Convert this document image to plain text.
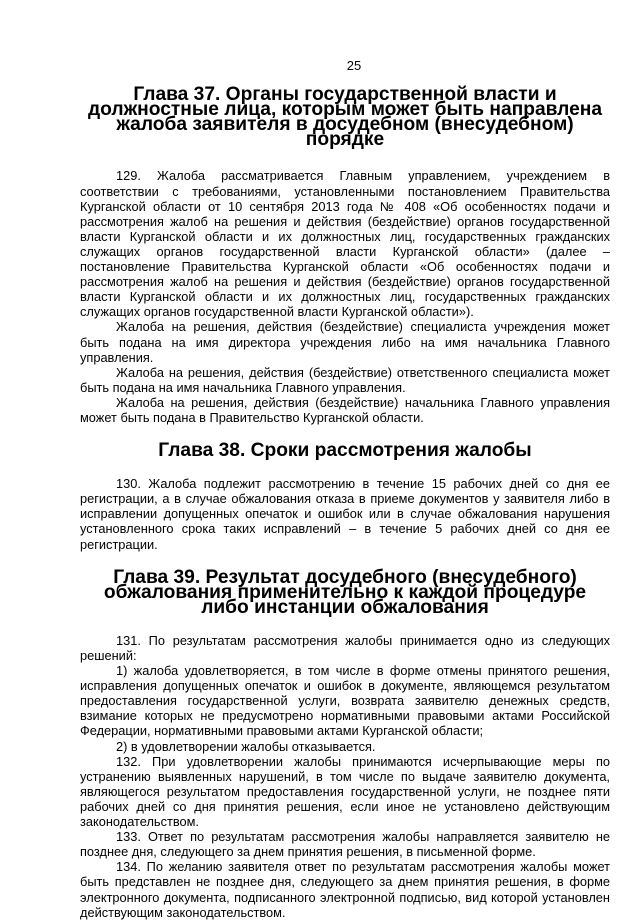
25
Глава 37. Органы государственной власти и должностные лица, которым может быть направлена жалоба заявителя в досудебном (внесудебном) порядке

129. Жалоба рассматривается Главным управлением, учреждением в соответствии с требованиями, установленными постановлением Правительства Курганской области от 10 сентября 2013 года № 408 «Об особенностях подачи и рассмотрения жалоб на решения и действия (бездействие) органов государственной власти Курганской области и их должностных лиц, государственных гражданских служащих органов государственной власти Курганской области» (далее – постановление Правительства Курганской области «Об особенностях подачи и рассмотрения жалоб на решения и действия (бездействие) органов государственной власти Курганской области и их должностных лиц, государственных гражданских служащих органов государственной власти Курганской области»).

Жалоба на решения, действия (бездействие) специалиста учреждения может быть подана на имя директора учреждения либо на имя начальника Главного управления.

Жалоба на решения, действия (бездействие) ответственного специалиста может быть подана на имя начальника Главного управления.

Жалоба на решения, действия (бездействие) начальника Главного управления может быть подана в Правительство Курганской области.

Глава 38. Сроки рассмотрения жалобы

130. Жалоба подлежит рассмотрению в течение 15 рабочих дней со дня ее регистрации, а в случае обжалования отказа в приеме документов у заявителя либо в исправлении допущенных опечаток и ошибок или в случае обжалования нарушения установленного срока таких исправлений – в течение 5 рабочих дней со дня ее регистрации.

Глава 39. Результат досудебного (внесудебного) обжалования применительно к каждой процедуре либо инстанции обжалования

131. По результатам рассмотрения жалобы принимается одно из следующих решений:

1) жалоба удовлетворяется, в том числе в форме отмены принятого решения, исправления допущенных опечаток и ошибок в документе, являющемся результатом предоставления государственной услуги, возврата заявителю денежных средств, взимание которых не предусмотрено нормативными правовыми актами Российской Федерации, нормативными правовыми актами Курганской области;

2) в удовлетворении жалобы отказывается.

132. При удовлетворении жалобы принимаются исчерпывающие меры по устранению выявленных нарушений, в том числе по выдаче заявителю документа, являющегося результатом предоставления государственной услуги, не позднее пяти рабочих дней со дня принятия решения, если иное не установлено действующим законодательством.

133. Ответ по результатам рассмотрения жалобы направляется заявителю не позднее дня, следующего за днем принятия решения, в письменной форме.

134. По желанию заявителя ответ по результатам рассмотрения жалобы может быть представлен не позднее дня, следующего за днем принятия решения, в форме электронного документа, подписанного электронной подписью, вид которой установлен действующим законодательством.
